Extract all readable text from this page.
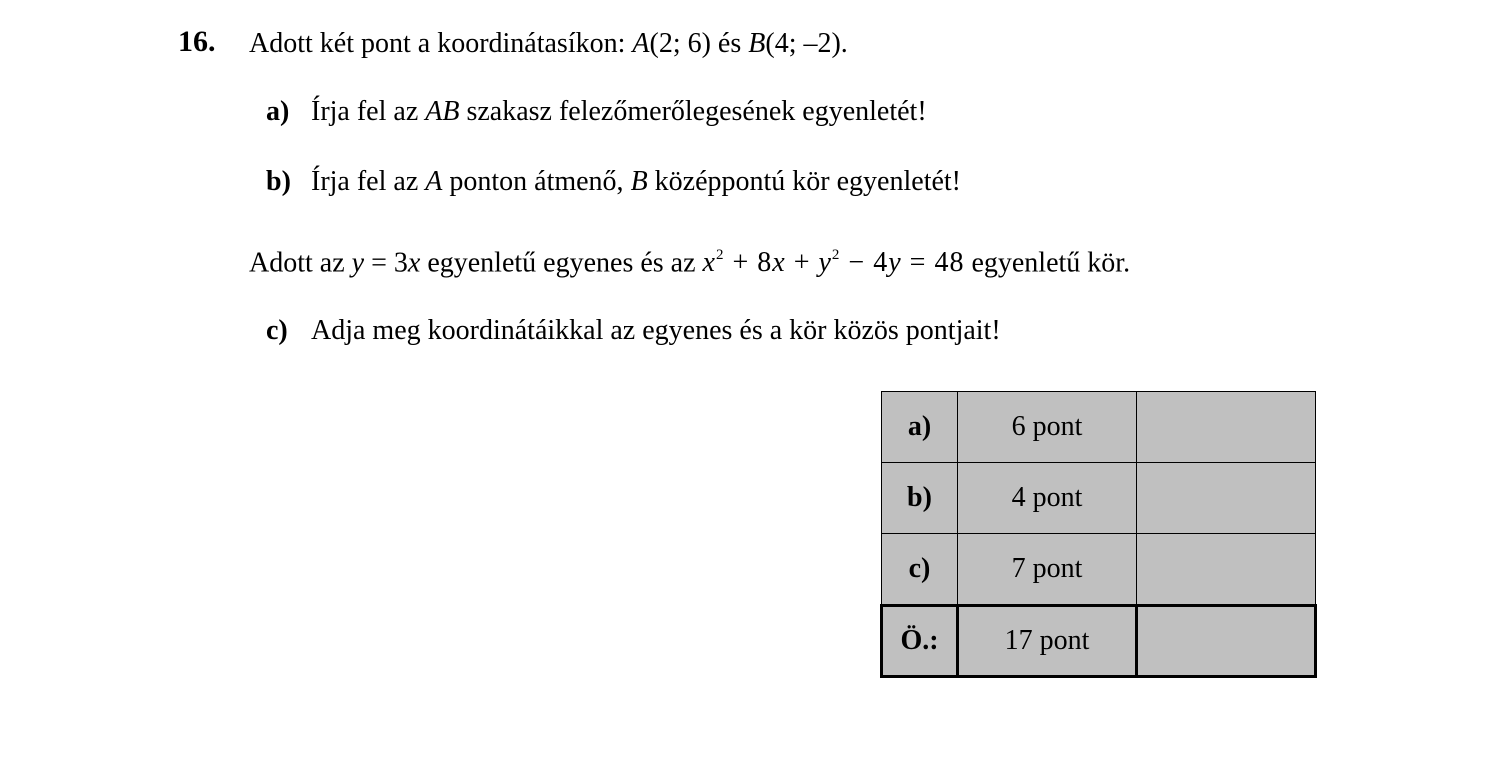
16. Adott két pont a koordinátasíkon: A(2; 6) és B(4; –2).
a) Írja fel az AB szakasz felezőmerőlegesének egyenletét!
b) Írja fel az A ponton átmenő, B középpontú kör egyenletét!
Adott az y = 3x egyenletű egyenes és az $x^2 + 8x + y^2 - 4y = 48$ egyenletű kör.
c) Adja meg koordinátáikkal az egyenes és a kör közös pontjait!
a)	6 pont	
b)	4 pont	
c)	7 pont	
Ö.:	17 pont	
